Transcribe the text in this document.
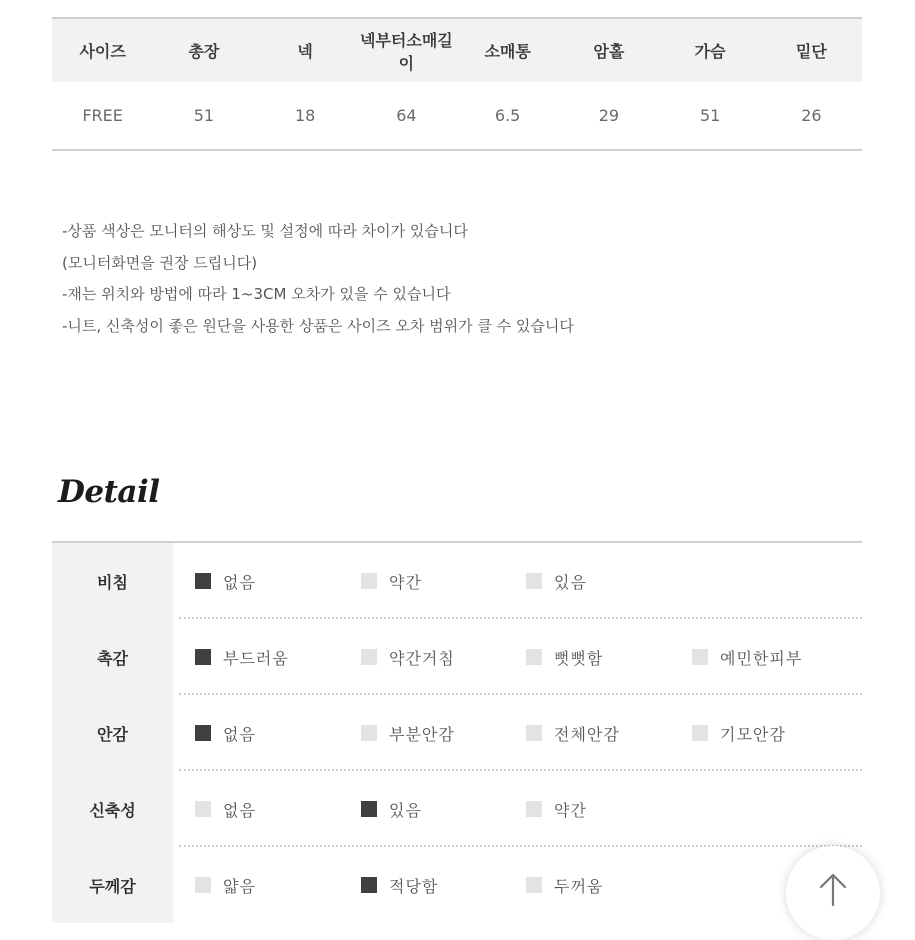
사이즈	총장	넥	넥부터소매길이	소매통	암홀	가슴	밑단
FREE	51	18	64	6.5	29	51	26
-상품 색상은 모니터의 해상도 및 설정에 따라 차이가 있습니다
(모니터화면을 권장 드립니다)
-재는 위치와 방법에 따라 1~3CM 오차가 있을 수 있습니다
-니트, 신축성이 좋은 원단을 사용한 상품은 사이즈 오차 범위가 클 수 있습니다
Detail
비침	없음	약간	있음
촉감	부드러움	약간거침	뻣뻣함	예민한피부
안감	없음	부분안감	전체안감	기모안감
신축성	없음	있음	약간
두께감	얇음	적당함	두꺼움
